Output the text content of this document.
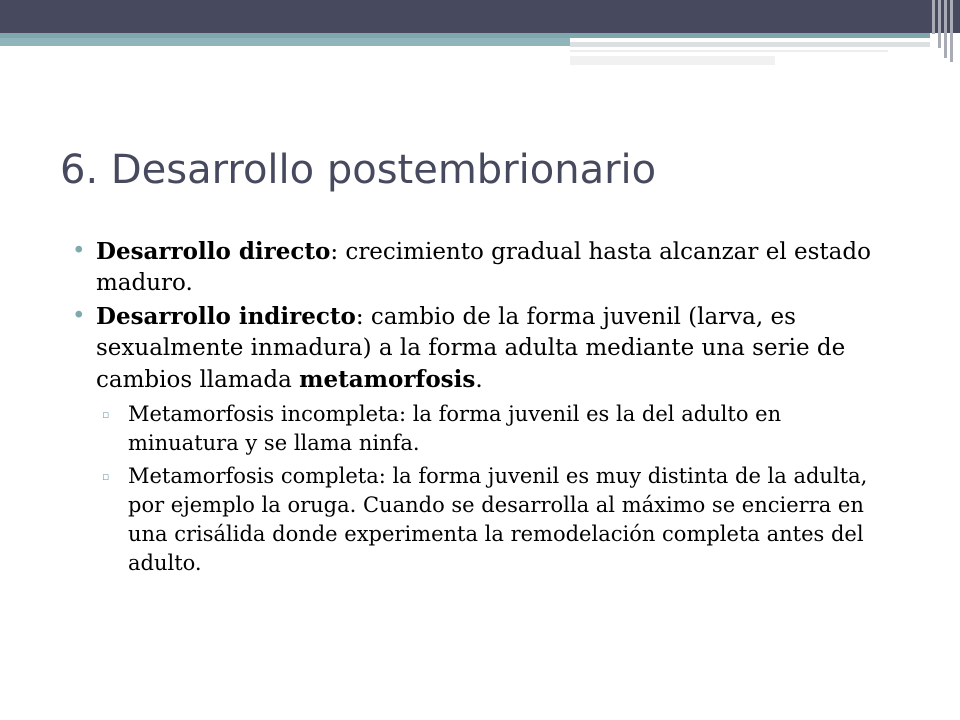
6. Desarrollo postembrionario
• Desarrollo directo: crecimiento gradual hasta alcanzar el estado maduro.
• Desarrollo indirecto: cambio de la forma juvenil (larva, es sexualmente inmadura) a la forma adulta mediante una serie de cambios llamada metamorfosis.
▫ Metamorfosis incompleta: la forma juvenil es la del adulto en minuatura y se llama ninfa.
▫ Metamorfosis completa: la forma juvenil es muy distinta de la adulta, por ejemplo la oruga. Cuando se desarrolla al máximo se encierra en una crisálida donde experimenta la remodelación completa antes del adulto.
